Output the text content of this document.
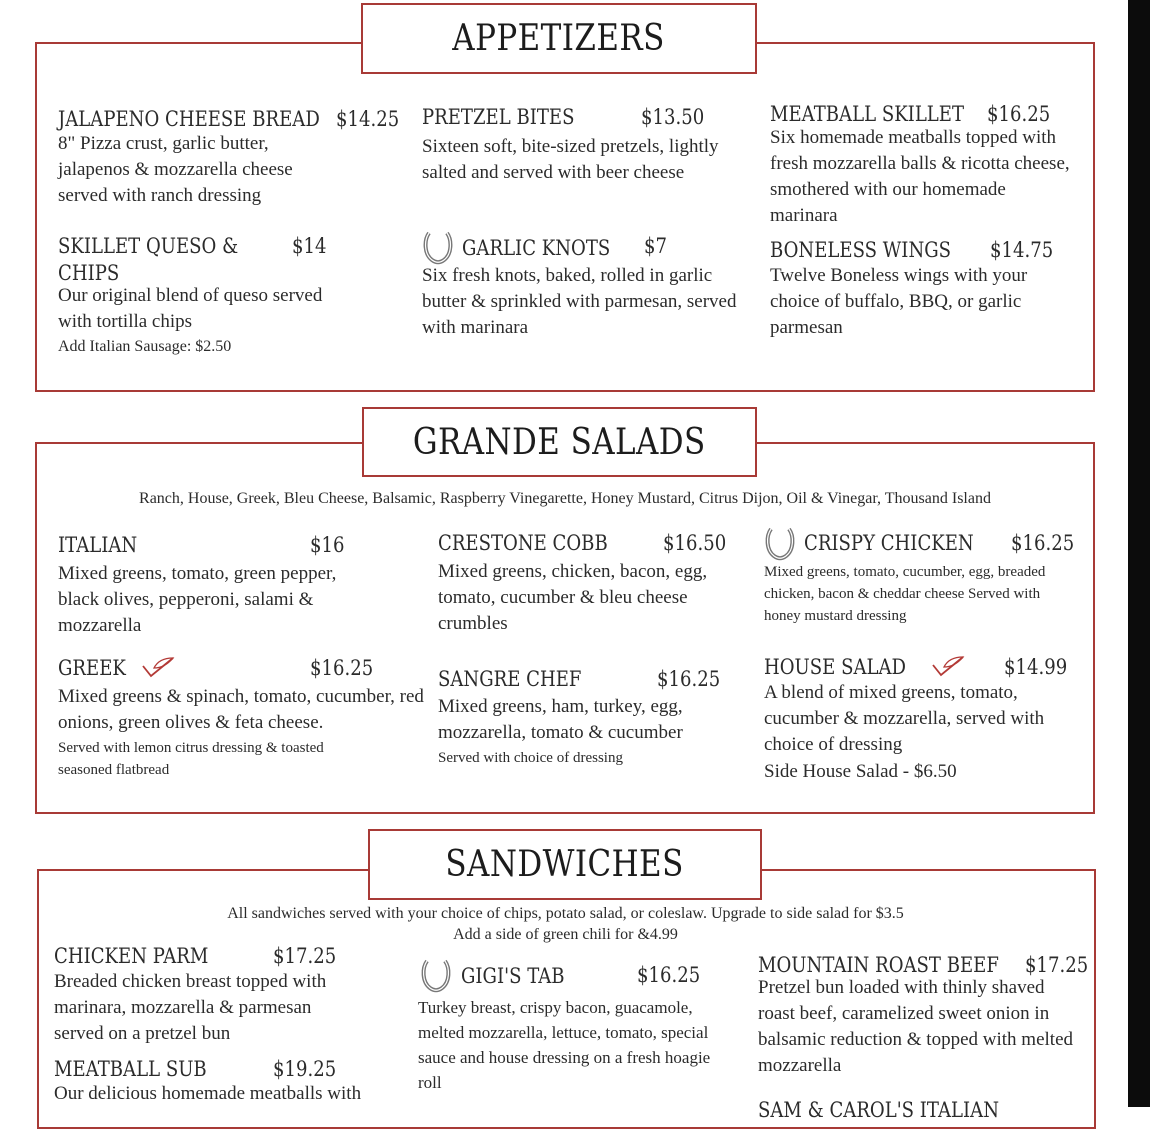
APPETIZERS
JALAPENO CHEESE BREAD $14.25
8" Pizza crust, garlic butter, jalapenos & mozzarella cheese served with ranch dressing
PRETZEL BITES	$13.50
Sixteen soft, bite-sized pretzels, lightly salted and served with beer cheese
MEATBALL SKILLET $16.25
Six homemade meatballs topped with fresh mozzarella balls & ricotta cheese, smothered with our homemade marinara
SKILLET QUESO &
CHIPS
$14
Our original blend of queso served with tortilla chips
Add Italian Sausage: $2.50
GARLIC KNOTS $7
Six fresh knots, baked, rolled in garlic butter & sprinkled with parmesan, served with marinara
BONELESS WINGS $14.75
Twelve Boneless wings with your choice of buffalo, BBQ, or garlic parmesan
GRANDE SALADS
Ranch, House, Greek, Bleu Cheese, Balsamic, Raspberry Vinegarette, Honey Mustard, Citrus Dijon, Oil & Vinegar, Thousand Island
ITALIAN	$16
Mixed greens, tomato, green pepper, black olives, pepperoni, salami & mozzarella
CRESTONE COBB	$16.50
Mixed greens, chicken, bacon, egg, tomato, cucumber & bleu cheese crumbles
CRISPY CHICKEN $16.25
Mixed greens, tomato, cucumber, egg, breaded chicken, bacon & cheddar cheese Served with honey mustard dressing
GREEK	$16.25
Mixed greens & spinach, tomato, cucumber, red onions, green olives & feta cheese.
Served with lemon citrus dressing & toasted seasoned flatbread
SANGRE CHEF	$16.25
Mixed greens, ham, turkey, egg, mozzarella, tomato & cucumber
Served with choice of dressing
HOUSE SALAD	$14.99
A blend of mixed greens, tomato, cucumber & mozzarella, served with choice of dressing
Side House Salad - $6.50
SANDWICHES
All sandwiches served with your choice of chips, potato salad, or coleslaw. Upgrade to side salad for $3.5
Add a side of green chili for &4.99
CHICKEN PARM	$17.25
Breaded chicken breast topped with marinara, mozzarella & parmesan served on a pretzel bun
GIGI'S TAB	$16.25
Turkey breast, crispy bacon, guacamole, melted mozzarella, lettuce, tomato, special sauce and house dressing on a fresh hoagie roll
MOUNTAIN ROAST BEEF $17.25
Pretzel bun loaded with thinly shaved roast beef, caramelized sweet onion in balsamic reduction & topped with melted mozzarella
MEATBALL SUB	$19.25
Our delicious homemade meatballs with
SAM & CAROL'S ITALIAN
